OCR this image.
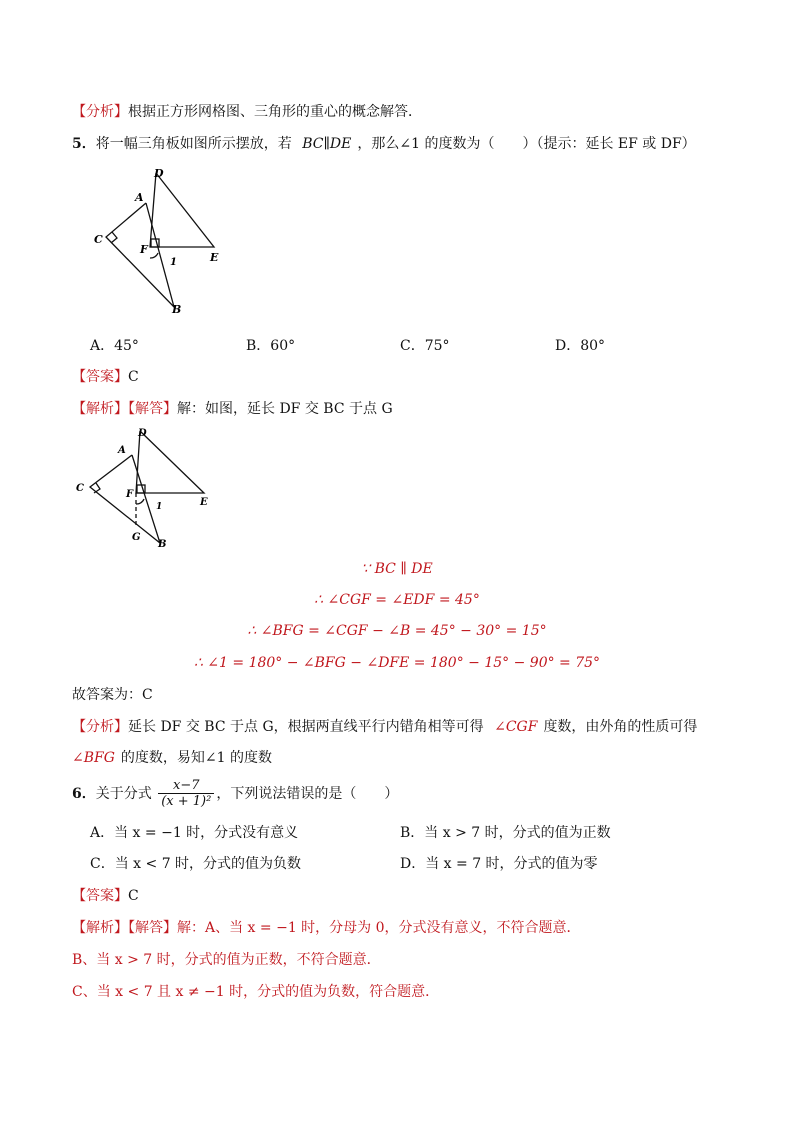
【分析】根据正方形网格图、三角形的重心的概念解答．
5．将一幅三角板如图所示摆放，若 BC∥DE ，那么∠1 的度数为（　　）（提示：延长 EF 或 DF）
A
C
B
D
F
E
1
A．45°	B．60°	C．75°	D．80°
【答案】C
【解析】【解答】解：如图，延长 DF 交 BC 于点 G
A
C
B
D
F
E
G
1
∵ BC ∥ DE
∴ ∠CGF = ∠EDF = 45°
∴ ∠BFG = ∠CGF − ∠B = 45° − 30° = 15°
∴ ∠1 = 180° − ∠BFG − ∠DFE = 180° − 15° − 90° = 75°
故答案为：C
【分析】延长 DF 交 BC 于点 G，根据两直线平行内错角相等可得 ∠CGF 度数，由外角的性质可得
∠BFG 的度数，易知∠1 的度数
6．关于分式 $\frac{x-7}{\text{(x + 1)²}}$ ，下列说法错误的是（　　）
A．当 x = −1 时，分式没有意义	B．当 x > 7 时，分式的值为正数
C．当 x < 7 时，分式的值为负数	D．当 x = 7 时，分式的值为零
【答案】C
【解析】【解答】解：A、当 x = −1 时，分母为 0，分式没有意义，不符合题意．
B、当 x > 7 时，分式的值为正数，不符合题意．
C、当 x < 7 且 x ≠ −1 时，分式的值为负数，符合题意．
